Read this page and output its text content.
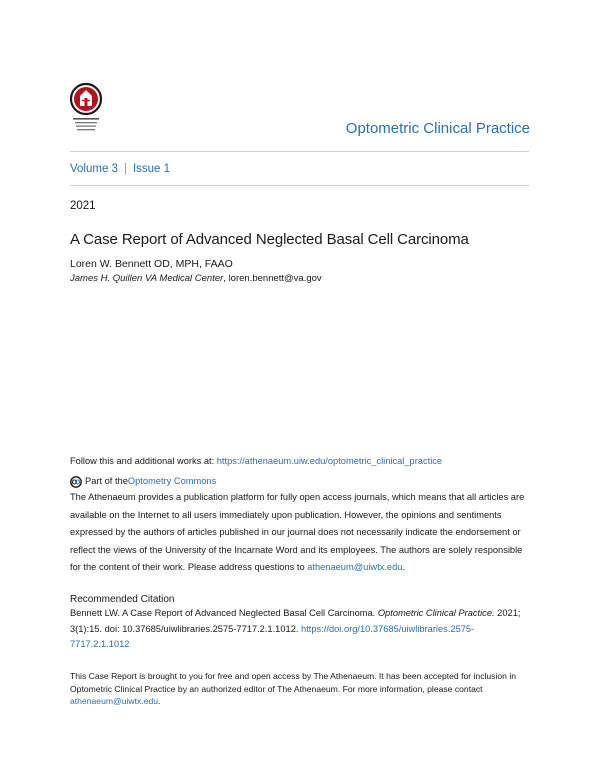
Optometric Clinical Practice
Volume 3 | Issue 1
2021
A Case Report of Advanced Neglected Basal Cell Carcinoma
Loren W. Bennett OD, MPH, FAAO
James H. Quillen VA Medical Center, loren.bennett@va.gov
Follow this and additional works at: https://athenaeum.uiw.edu/optometric_clinical_practice
Part of the Optometry Commons
The Athenaeum provides a publication platform for fully open access journals, which means that all articles are available on the Internet to all users immediately upon publication. However, the opinions and sentiments expressed by the authors of articles published in our journal does not necessarily indicate the endorsement or reflect the views of the University of the Incarnate Word and its employees. The authors are solely responsible for the content of their work. Please address questions to athenaeum@uiwtx.edu.
Recommended Citation
Bennett LW. A Case Report of Advanced Neglected Basal Cell Carcinoma. Optometric Clinical Practice. 2021; 3(1):15. doi: 10.37685/uiwlibraries.2575-7717.2.1.1012. https://doi.org/10.37685/uiwlibraries.2575-7717.2.1.1012
This Case Report is brought to you for free and open access by The Athenaeum. It has been accepted for inclusion in Optometric Clinical Practice by an authorized editor of The Athenaeum. For more information, please contact athenaeum@uiwtx.edu.
